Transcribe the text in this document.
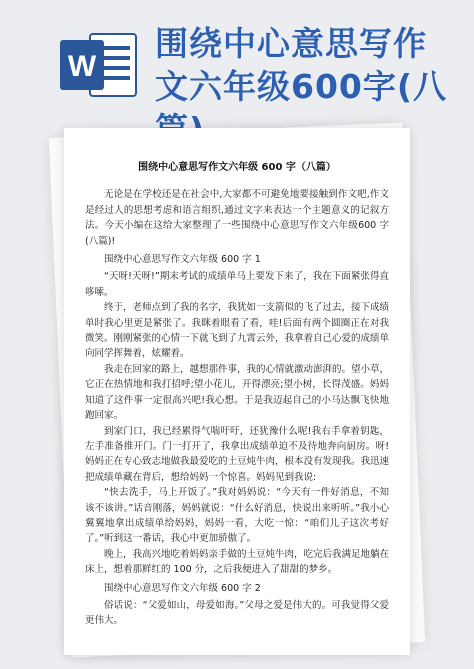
W
围绕中心意思写作
文六年级600字(八
围绕中心意思写作文六年级 600 字（八篇）
无论是在学校还是在社会中,大家都不可避免地要接触到作文吧,作文是经过人的思想考虑和语言组织,通过文字来表达一个主题意义的记叙方法。今天小编在这给大家整理了一些围绕中心意思写作文六年级600 字(八篇)!
围绕中心意思写作文六年级 600 字 1
“天呀!天呀!”期末考试的成绩单马上要发下来了，我在下面紧张得直哆嗦。
终于，老师点到了我的名字，我犹如一支箭似的飞了过去，接下成绩单时我心里更是紧张了。我眯着眼看了看，哇!后面有两个圆圈正在对我微笑。刚刚紧张的心情一下就飞到了九霄云外，我拿着自己心爱的成绩单向同学挥舞着，炫耀着。
我走在回家的路上，越想那件事，我的心情就激动澎湃的。望小草，它正在热情地和我打招呼;望小花儿，开得漂亮;望小树，长得茂盛。妈妈知道了这件事一定很高兴吧!我心想。于是我迈起自己的小马达飘飞快地跑回家。
到家门口，我已经累得气喘吁吁，还犹豫什么呢!我右手拿着钥匙，左手准备推开门。门一打开了，我拿出成绩单迫不及待地奔向厨房。呀!妈妈正在专心致志地做我最爱吃的土豆炖牛肉，根本没有发现我。我迅速把成绩单藏在背后，想给妈妈一个惊喜。妈妈见到我说:
“快去洗手，马上开饭了。”我对妈妈说：“今天有一件好消息，不知该不该讲。”话音刚落，妈妈就说：“什么好消息，快说出来听听。”我小心翼翼地拿出成绩单给妈妈，妈妈一看，大吃一惊：“咱们儿子这次考好了。”听到这一番话，我心中更加骄傲了。
晚上，我高兴地吃着妈妈亲手做的土豆炖牛肉，吃完后我满足地躺在床上，想着那鲜红的 100 分，之后我便进入了甜甜的梦乡。
围绕中心意思写作文六年级 600 字 2
俗话说：“父爱如山，母爱如海。”父母之爱是伟大的。可我觉得父爱更伟大。
